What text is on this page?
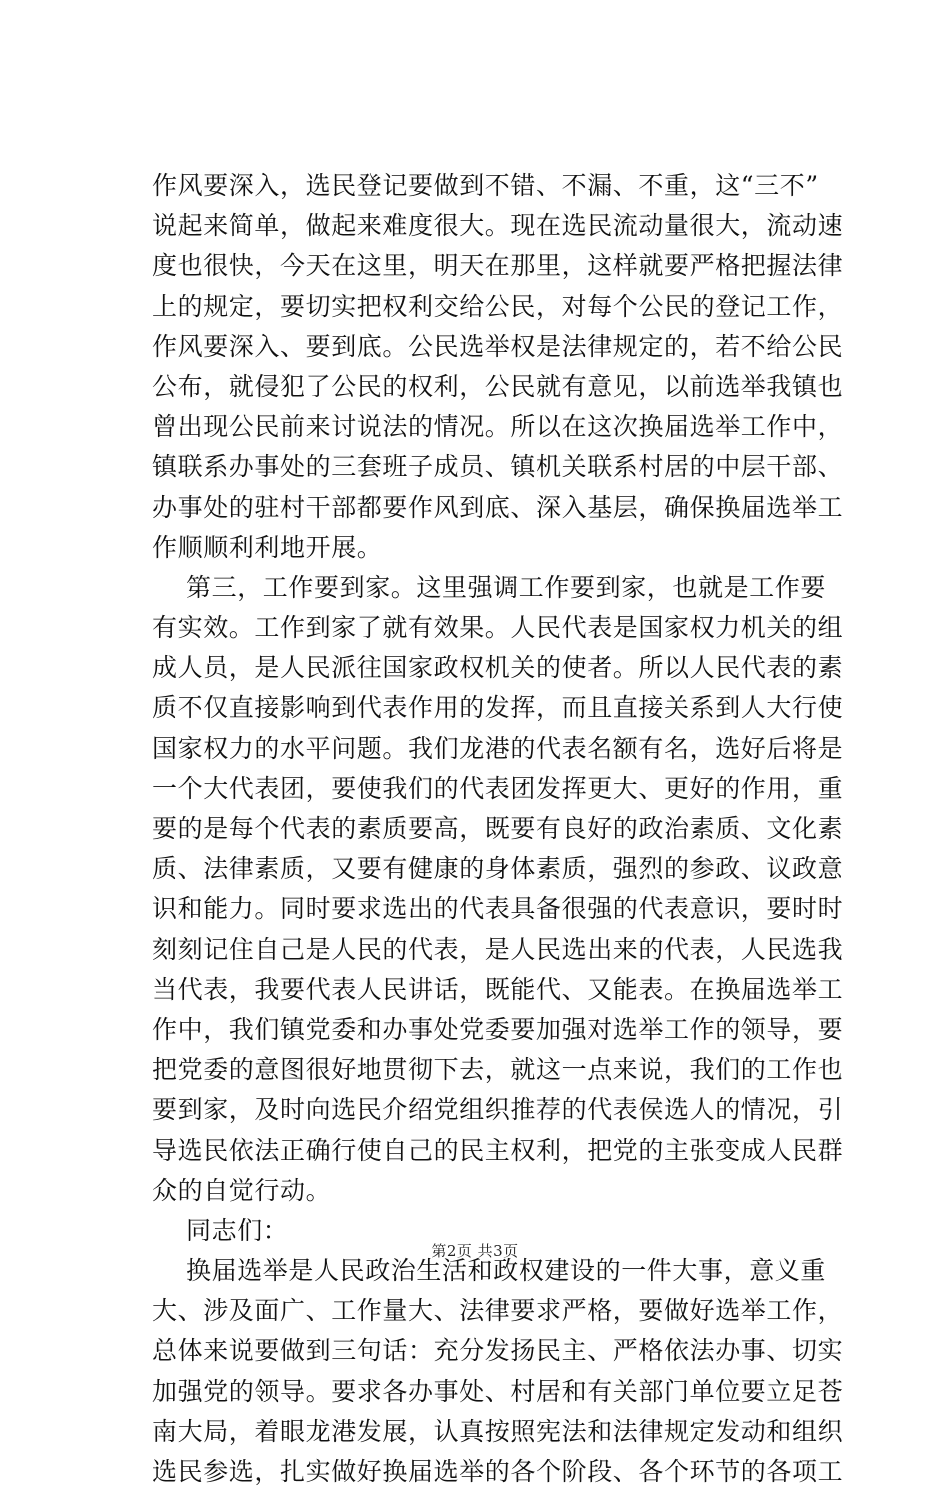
作风要深入，选民登记要做到不错、不漏、不重，这“三不”
说起来简单，做起来难度很大。现在选民流动量很大，流动速
度也很快，今天在这里，明天在那里，这样就要严格把握法律
上的规定，要切实把权利交给公民，对每个公民的登记工作，
作风要深入、要到底。公民选举权是法律规定的，若不给公民
公布，就侵犯了公民的权利，公民就有意见，以前选举我镇也
曾出现公民前来讨说法的情况。所以在这次换届选举工作中，
镇联系办事处的三套班子成员、镇机关联系村居的中层干部、
办事处的驻村干部都要作风到底、深入基层，确保换届选举工
作顺顺利利地开展。
第三，工作要到家。这里强调工作要到家，也就是工作要
有实效。工作到家了就有效果。人民代表是国家权力机关的组
成人员，是人民派往国家政权机关的使者。所以人民代表的素
质不仅直接影响到代表作用的发挥，而且直接关系到人大行使
国家权力的水平问题。我们龙港的代表名额有名，选好后将是
一个大代表团，要使我们的代表团发挥更大、更好的作用，重
要的是每个代表的素质要高，既要有良好的政治素质、文化素
质、法律素质，又要有健康的身体素质，强烈的参政、议政意
识和能力。同时要求选出的代表具备很强的代表意识，要时时
刻刻记住自己是人民的代表，是人民选出来的代表，人民选我
当代表，我要代表人民讲话，既能代、又能表。在换届选举工
作中，我们镇党委和办事处党委要加强对选举工作的领导，要
把党委的意图很好地贯彻下去，就这一点来说，我们的工作也
要到家，及时向选民介绍党组织推荐的代表侯选人的情况，引
导选民依法正确行使自己的民主权利，把党的主张变成人民群
众的自觉行动。
同志们：
换届选举是人民政治生活和政权建设的一件大事，意义重
大、涉及面广、工作量大、法律要求严格，要做好选举工作，
总体来说要做到三句话：充分发扬民主、严格依法办事、切实
加强党的领导。要求各办事处、村居和有关部门单位要立足苍
南大局，着眼龙港发展，认真按照宪法和法律规定发动和组织
选民参选，扎实做好换届选举的各个阶段、各个环节的各项工
第2页 共3页
